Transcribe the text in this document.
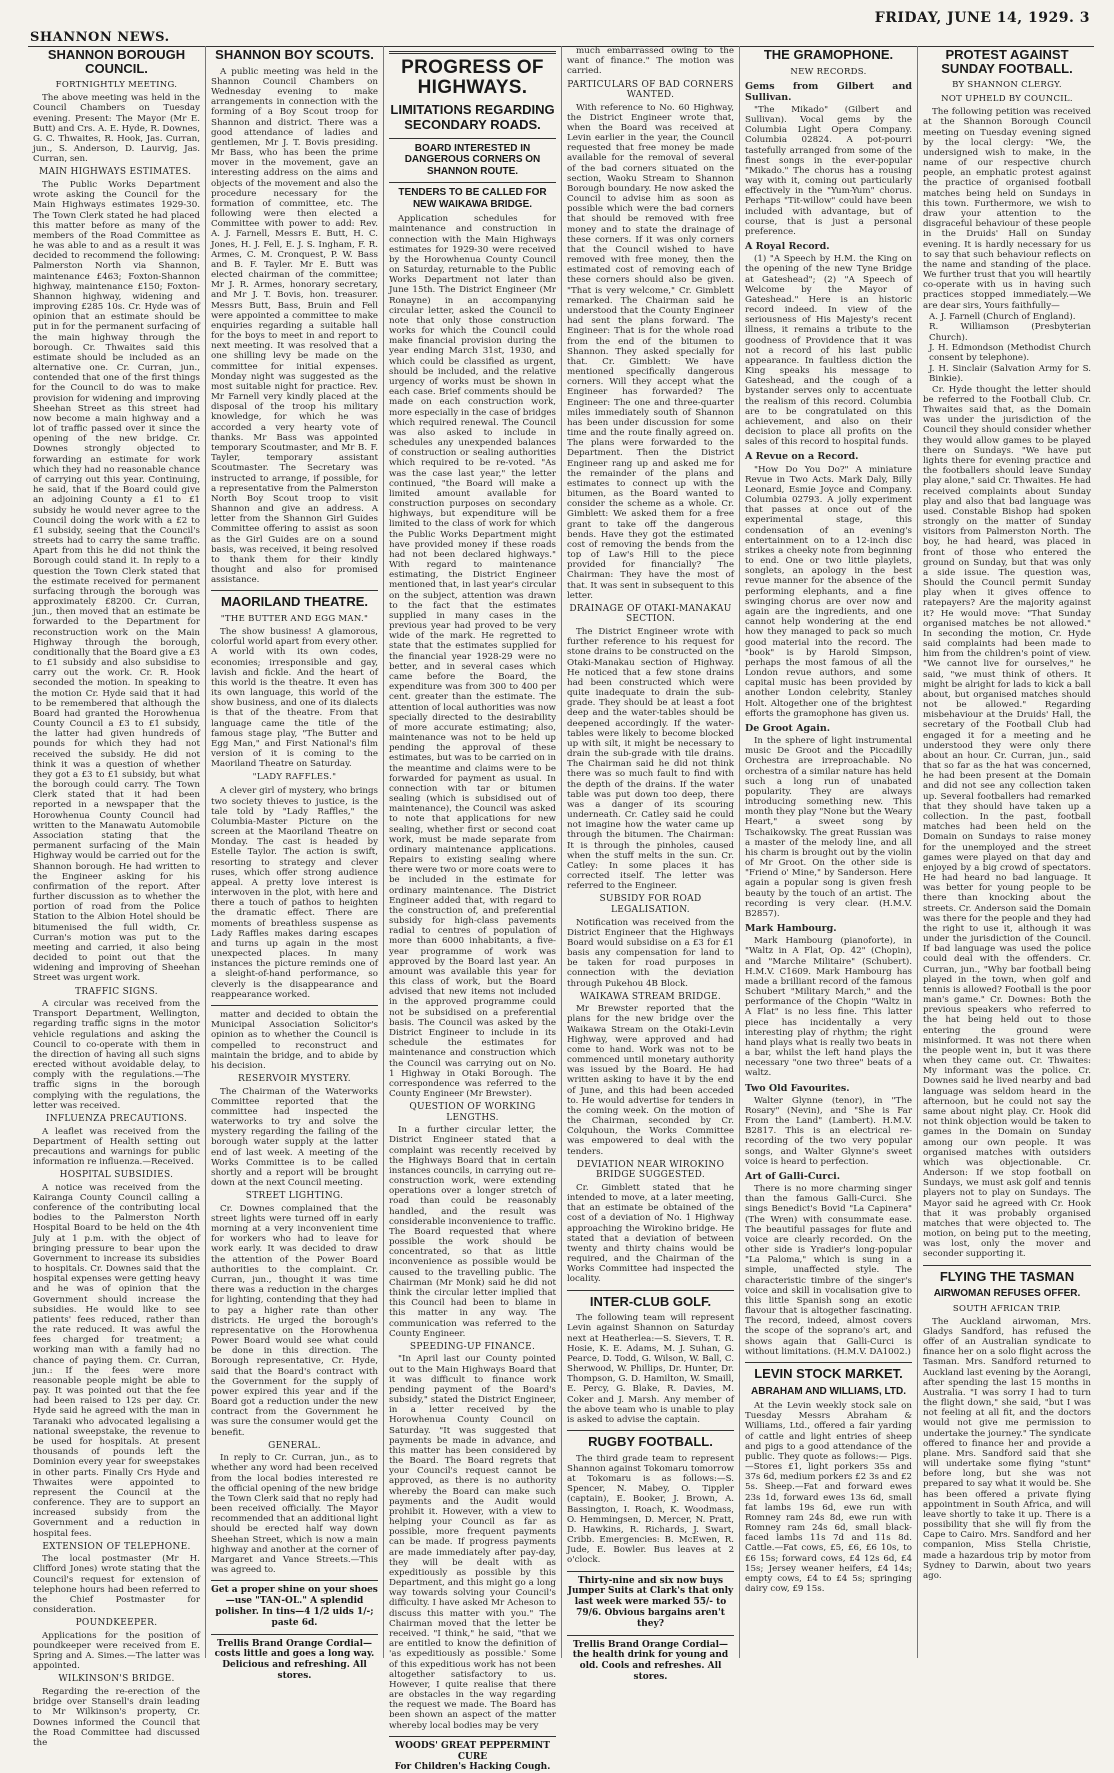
SHANNON NEWS.
FRIDAY, JUNE 14, 1929. 3
SHANNON BOROUGH COUNCIL.
FORTNIGHTLY MEETING.

The above meeting was held in the Council Chambers on Tuesday evening. Present: The Mayor (Mr E. Butt) and Crs. A. E. Hyde, R. Downes, G. C. Thwaites, R. Hook, Jas. Curran, jun., S. Anderson, D. Laurvig, Jas. Curran, sen.

MAIN HIGHWAYS ESTIMATES.

The Public Works Department wrote asking the Council for the Main Highways estimates 1929-30. The Town Clerk stated he had placed this matter before as many of the members of the Road Committee as he was able to and as a result it was decided to recommend the following: Palmerston North via Shannon, maintenance £463; Foxton-Shannon highway, maintenance £150; Foxton-Shannon highway, widening and improving £285 10s. Cr. Hyde was of opinion that an estimate should be put in for the permanent surfacing of the main highway through the borough. Cr. Thwaites said this estimate should be included as an alternative one. Cr. Curran, jun., contended that one of the first things for the Council to do was to make provision for widening and improving Sheehan Street as this street had now become a main highway and a lot of traffic passed over it since the opening of the new bridge. Cr. Downes strongly objected to forwarding an estimate for work which they had no reasonable chance of carrying out this year. Continuing, he said, that if the Board could give an adjoining County a £1 to £1 subsidy he would never agree to the Council doing the work with a £2 to £1 subsidy, seeing that the Council's streets had to carry the same traffic. Apart from this he did not think the Borough could stand it. In reply to a question the Town Clerk stated that the estimate received for permanent surfacing through the borough was approximately £8200. Cr. Curran, jun., then moved that an estimate be forwarded to the Department for reconstruction work on the Main Highway through the borough, conditionally that the Board give a £3 to £1 subsidy and also subsidise to carry out the work. Cr. R. Hook seconded the motion. In speaking to the motion Cr. Hyde said that it had to be remembered that although the Board had granted the Horowhenua County Council a £3 to £1 subsidy, the latter had given hundreds of pounds for which they had not received the subsidy. He did not think it was a question of whether they got a £3 to £1 subsidy, but what the borough could carry. The Town Clerk stated that it had been reported in a newspaper that the Horowhenua County Council had written to the Manawatu Automobile Association stating that the permanent surfacing of the Main Highway would be carried out for the Shannon borough. He had written to the Engineer asking for his confirmation of the report. After further discussion as to whether the portion of road from the Police Station to the Albion Hotel should be bitumenised the full width, Cr. Curran's motion was put to the meeting and carried, it also being decided to point out that the widening and improving of Sheehan Street was urgent work.

TRAFFIC SIGNS.

A circular was received from the Transport Department, Wellington, regarding traffic signs in the motor vehicle regulations and asking the Council to co-operate with them in the direction of having all such signs erected without avoidable delay, to comply with the regulations.—The traffic signs in the borough complying with the regulations, the letter was received.

INFLUENZA PRECAUTIONS.

A leaflet was received from the Department of Health setting out precautions and warnings for public information re influenza.—Received.

HOSPITAL SUBSIDIES.

A notice was received from the Kairanga County Council calling a conference of the contributing local bodies to the Palmerston North Hospital Board to be held on the 4th July at 1 p.m. with the object of bringing pressure to bear upon the Government to increase its subsidies to hospitals. Cr. Downes said that the hospital expenses were getting heavy and he was of opinion that the Government should increase the subsidies. He would like to see patients' fees reduced, rather than the rate reduced. It was awful the fees charged for treatment; a working man with a family had no chance of paying them. Cr. Curran, jun.: If the fees were more reasonable people might be able to pay. It was pointed out that the fee had been raised to 12s per day. Cr. Hyde said he agreed with the man in Taranaki who advocated legalising a national sweepstake, the revenue to be used for hospitals. At present thousands of pounds left the Dominion every year for sweepstakes in other parts. Finally Crs Hyde and Thwaites were appointed to represent the Council at the conference. They are to support an increased subsidy from the Government and a reduction in hospital fees.

EXTENSION OF TELEPHONE.

The local postmaster (Mr H. Clifford Jones) wrote stating that the Council's request for extension of telephone hours had been referred to the Chief Postmaster for consideration.

POUNDKEEPER.

Applications for the position of poundkeeper were received from E. Spring and A. Simes.—The latter was appointed.

WILKINSON'S BRIDGE.

Regarding the re-erection of the bridge over Stansell's drain leading to Mr Wilkinson's property, Cr. Downes informed the Council that the Road Committee had discussed the

SHANNON BOY SCOUTS.

A public meeting was held in the Shannon Council Chambers on Wednesday evening to make arrangements in connection with the forming of a Boy Scout troop for Shannon and district. There was a good attendance of ladies and gentlemen, Mr J. T. Bovis presiding. Mr Bass, who has been the prime mover in the movement, gave an interesting address on the aims and objects of the movement and also the procedure necessary for the formation of committee, etc. The following were then elected a Committee with power to add: Rev. A. J. Farnell, Messrs E. Butt, H. C. Jones, H. J. Fell, E. J. S. Ingham, F. R. Armes, C. M. Cronquest, P. W. Bass and B. F. Tayler. Mr E. Butt was elected chairman of the committee; Mr J. R. Armes, honorary secretary, and Mr J. T. Bovis, hon. treasurer. Messrs Butt, Bass, Bruin and Fell were appointed a committee to make enquiries regarding a suitable hall for the boys to meet in and report to next meeting. It was resolved that a one shilling levy be made on the committee for initial expenses. Monday night was suggested as the most suitable night for practice. Rev. Mr Farnell very kindly placed at the disposal of the troop his military knowledge, for which he was accorded a very hearty vote of thanks. Mr Bass was appointed temporary Scoutmaster, and Mr B. F. Tayler, temporary assistant Scoutmaster. The Secretary was instructed to arrange, if possible, for a representative from the Palmerston North Boy Scout troop to visit Shannon and give an address. A letter from the Shannon Girl Guides Committee offering to assist as soon as the Girl Guides are on a sound basis, was received, it being resolved to thank them for their kindly thought and also for promised assistance.

MAORILAND THEATRE.
"THE BUTTER AND EGG MAN."

The show business! A glamorous, colorful world apart from every other. A world with its own codes, economies; irresponsible and gay, lavish and fickle. And the heart of this world is the theatre. It even has its own language, this world of the show business, and one of its dialects is that of the theatre. From that language came the title of the famous stage play, "The Butter and Egg Man," and First National's film version of it is coming to the Maoriland Theatre on Saturday.

"LADY RAFFLES."

A clever girl of mystery, who brings two society thieves to justice, is the tale told by "Lady Raffles," the Columbia-Master Picture on the screen at the Maoriland Theatre on Monday. The cast is headed by Estelle Taylor. The action is swift, resorting to strategy and clever ruses, which offer strong audience appeal. A pretty love interest is interwoven in the plot, with here and there a touch of pathos to heighten the dramatic effect. There are moments of breathless suspense as Lady Raffles makes daring escapes and turns up again in the most unexpected places. In many instances the picture reminds one of a sleight-of-hand performance, so cleverly is the disappearance and reappearance worked.

matter and decided to obtain the Municipal Association Solicitor's opinion as to whether the Council is compelled to reconstruct and maintain the bridge, and to abide by his decision.

RESERVOIR MYSTERY.

The Chairman of the Waterworks Committee reported that the committee had inspected the waterworks to try and solve the mystery regarding the failing of the borough water supply at the latter end of last week. A meeting of the Works Committee is to be called shortly and a report will be brought down at the next Council meeting.

STREET LIGHTING.

Cr. Downes complained that the street lights were turned off in early morning at a very inconvenient time for workers who had to leave for work early. It was decided to draw the attention of the Power Board authorities to the complaint. Cr. Curran, jun., thought it was time there was a reduction in the charges for lighting, contending that they had to pay a higher rate than other districts. He urged the borough's representative on the Horowhenua Power Board would see what could be done in this direction. The Borough representative, Cr. Hyde, said that the Board's contract with the Government for the supply of power expired this year and if the Board got a reduction under the new contract from the Government he was sure the consumer would get the benefit.

GENERAL.

In reply to Cr. Curran, jun., as to whether any word had been received from the local bodies interested re the official opening of the new bridge the Town Clerk said that no reply had been received officially. The Mayor recommended that an additional light should be erected half way down Sheehan Street, which is now a main highway and another at the corner of Margaret and Vance Streets.—This was agreed to.

Get a proper shine on your shoes—use "TAN-OL." A splendid polisher. In tins—4 1/2 uids 1/-; paste 6d.
Trellis Brand Orange Cordial—costs little and goes a long way. Delicious and refreshing. All stores.
PROGRESS OF HIGHWAYS.
LIMITATIONS REGARDING SECONDARY ROADS.
BOARD INTERESTED IN DANGEROUS CORNERS ON SHANNON ROUTE.
TENDERS TO BE CALLED FOR NEW WAIKAWA BRIDGE.

Application schedules for maintenance and construction in connection with the Main Highways estimates for 1929-30 were received by the Horowhenua County Council on Saturday, returnable to the Public Works Department not later than June 15th. The District Engineer (Mr Ronayne) in an accompanying circular letter, asked the Council to note that only those construction works for which the Council could make financial provision during the year ending March 31st, 1930, and which could be classified as urgent, should be included, and the relative urgency of works must be shown in each case. Brief comments should be made on each construction work, more especially in the case of bridges which required renewal. The Council was also asked to include in schedules any unexpended balances of construction or sealing authorities which required to be re-voted. "As was the case last year," the letter continued, "the Board will make a limited amount available for construction purposes on secondary highways, but expenditure will be limited to the class of work for which the Public Works Department might have provided money if these roads had not been declared highways." With regard to maintenance estimating, the District Engineer mentioned that, in last year's circular on the subject, attention was drawn to the fact that the estimates supplied in many cases in the previous year had proved to be very wide of the mark. He regretted to state that the estimates supplied for the financial year 1928-29 were no better, and in several cases which came before the Board, the expenditure was from 300 to 400 per cent. greater than the estimate. The attention of local authorities was now specially directed to the desirability of more accurate estimating; also, maintenance was not to be held up pending the approval of these estimates, but was to be carried on in the meantime and claims were to be forwarded for payment as usual. In connection with tar or bitumen sealing (which is subsidised out of maintenance), the Council was asked to note that applications for new sealing, whether first or second coat work, must be made separate from ordinary maintenance applications. Repairs to existing sealing where there were two or more coats were to be included in the estimate for ordinary maintenance. The District Engineer added that, with regard to the construction of, and preferential subsidy for high-class pavements radial to centres of population of more than 6000 inhabitants, a five-year programme of work was approved by the Board last year. An amount was available this year for this class of work, but the Board advised that new items not included in the approved programme could not be subsidised on a preferential basis. The Council was asked by the District Engineer to include in its schedule the estimates for maintenance and construction which the Council was carrying out on No. 1 Highway in Otaki Borough. The correspondence was referred to the County Engineer (Mr Brewster).

QUESTION OF WORKING LENGTHS.

In a further circular letter, the District Engineer stated that a complaint was recently received by the Highways Board that in certain instances councils, in carrying out re-construction work, were extending operations over a longer stretch of road than could be reasonably handled, and the result was considerable inconvenience to traffic. The Board requested that where possible the work should be concentrated, so that as little inconvenience as possible would be caused to the travelling public. The Chairman (Mr Monk) said he did not think the circular letter implied that this Council had been to blame in this matter in any way. The communication was referred to the County Engineer.

SPEEDING-UP FINANCE.

"In April last our County pointed out to the Main Highways Board that it was difficult to finance work pending payment of the Board's subsidy," stated the District Engineer, in a letter received by the Horowhenua County Council on Saturday. "It was suggested that payments be made in advance, and this matter has been considered by the Board. The Board regrets that your Council's request cannot be approved, as there is no authority whereby the Board can make such payments and the Audit would prohibit it. However, with a view to helping your Council as far as possible, more frequent payments can be made. If progress payments are made immediately after pay-day, they will be dealt with as expeditiously as possible by this Department, and this might go a long way towards solving your Council's difficulty. I have asked Mr Acheson to discuss this matter with you." The Chairman moved that the letter be received. "I think," he said, "that we are entitled to know the definition of 'as expeditiously as possible.' Some of this expeditious work has not been altogether satisfactory to us. However, I quite realise that there are obstacles in the way regarding the request we made. The Board has been shown an aspect of the matter whereby local bodies may be very

WOODS' GREAT PEPPERMINT CURE
For Children's Hacking Cough.

much embarrassed owing to the want of finance." The motion was carried.

PARTICULARS OF BAD CORNERS WANTED.

With reference to No. 60 Highway, the District Engineer wrote that, when the Board was received at Levin earlier in the year, the Council requested that free money be made available for the removal of several of the bad corners situated on the section, Waoku Stream to Shannon Borough boundary. He now asked the Council to advise him as soon as possible which were the bad corners that should be removed with free money and to state the drainage of these corners. If it was only corners that the Council wished to have removed with free money, then the estimated cost of removing each of these corners should also be given. "That is very welcome," Cr. Gimblett remarked. The Chairman said he understood that the County Engineer had sent the plans forward. The Engineer: That is for the whole road from the end of the bitumen to Shannon. They asked specially for that. Cr. Gimblett: We have mentioned specifically dangerous corners. Will they accept what the Engineer has forwarded? The Engineer: The one and three-quarter miles immediately south of Shannon has been under discussion for some time and the route finally agreed on. The plans were forwarded to the Department. Then the District Engineer rang up and asked me for the remainder of the plans and estimates to connect up with the bitumen, as the Board wanted to consider the scheme as a whole. Cr. Gimblett: We asked them for a free grant to take off the dangerous bends. Have they got the estimated cost of removing the bends from the top of Law's Hill to the piece provided for financially? The Chairman: They have the most of that. It was sent in subsequent to this letter.

DRAINAGE OF OTAKI-MANAKAU SECTION.

The District Engineer wrote with further reference to his request for stone drains to be constructed on the Otaki-Manakau section of Highway. He noticed that a few stone drains had been constructed which were quite inadequate to drain the sub-grade. They should be at least a foot deep and the water-tables should be deepened accordingly. If the water-tables were likely to become blocked up with silt, it might be necessary to drain the sub-grade with tile drains. The Chairman said he did not think there was so much fault to find with the depth of the drains. If the water table was put down too deep, there was a danger of its scouring underneath. Cr. Catley said he could not imagine how the water came up through the bitumen. The Chairman: It is through the pinholes, caused when the stuff melts in the sun. Cr. Catley: In some places it has corrected itself. The letter was referred to the Engineer.

SUBSIDY FOR ROAD LEGALISATION.

Notification was received from the District Engineer that the Highways Board would subsidise on a £3 for £1 basis any compensation for land to be taken for road purposes in connection with the deviation through Pukehou 4B Block.

WAIKAWA STREAM BRIDGE.

Mr Brewster reported that the plans for the new bridge over the Waikawa Stream on the Otaki-Levin Highway, were approved and had come to hand. Work was not to be commenced until monetary authority was issued by the Board. He had written asking to have it by the end of June, and this had been acceded to. He would advertise for tenders in the coming week. On the motion of the Chairman, seconded by Cr. Colquhoun, the Works Committee was empowered to deal with the tenders.

DEVIATION NEAR WIROKINO BRIDGE SUGGESTED.

Cr. Gimblett stated that he intended to move, at a later meeting, that an estimate be obtained of the cost of a deviation of No. 1 Highway approaching the Wirokino bridge. He stated that a deviation of between twenty and thirty chains would be required, and the Chairman of the Works Committee had inspected the locality.

INTER-CLUB GOLF.

The following team will represent Levin against Shannon on Saturday next at Heatherlea:—S. Sievers, T. R. Hosie, K. E. Adams, M. J. Suhan, G. Pearce, D. Todd, G. Wilson, W. Ball, C. Sherwood, W. Phillips, Dr. Hunter, Dr. Thompson, G. D. Hamilton, W. Smaill, E. Percy, G. Blake, R. Davies, M. Coker and J. Marsh. Any member of the above team who is unable to play is asked to advise the captain.

RUGBY FOOTBALL.

The third grade team to represent Shannon against Tokomaru tomorrow at Tokomaru is as follows:—S. Spencer, N. Mabey, O. Tippler (captain), E. Booker, J. Brown, A. Bassington, I. Roach, K. Woodmass, O. Hemmingsen, D. Mercer, N. Pratt, D. Hawkins, R. Richards, J. Swart, Cribb. Emergencies: B. McEwen, R. Jude, E. Bowler. Bus leaves at 2 o'clock.

Thirty-nine and six now buys Jumper Suits at Clark's that only last week were marked 55/- to 79/6. Obvious bargains aren't they?
Trellis Brand Orange Cordial—the health drink for young and old. Cools and refreshes. All stores.
THE GRAMOPHONE.
NEW RECORDS.
Gems from Gilbert and Sullivan.

"The Mikado" (Gilbert and Sullivan). Vocal gems by the Columbia Light Opera Company. Columbia 02824. A pot-pourri tastefully arranged from some of the finest songs in the ever-popular "Mikado." The chorus has a rousing way with it, coming out particularly effectively in the "Yum-Yum" chorus. Perhaps "Tit-willow" could have been included with advantage, but of course, that is just a personal preference.

A Royal Record.

(1) "A Speech by H.M. the King on the opening of the new Tyne Bridge at Gateshead"; (2) "A Speech of Welcome by the Mayor of Gateshead." Here is an historic record indeed. In view of the seriousness of His Majesty's recent illness, it remains a tribute to the goodness of Providence that it was not a record of his last public appearance. In faultless diction the King speaks his message to Gateshead, and the cough of a bystander serves only to accentuate the realism of this record. Columbia are to be congratulated on this achievement, and also on their decision to place all profits on the sales of this record to hospital funds.

A Revue on a Record.

"How Do You Do?" A miniature Revue in Two Acts. Mark Daly, Billy Leonard, Esmie Joyce and Company. Columbia 02793. A jolly experiment that passes at once out of the experimental stage, this condensation of an evening's entertainment on to a 12-inch disc strikes a cheeky note from beginning to end. One or two little playlets, songlets, an apology in the best revue manner for the absence of the performing elephants, and a fine swinging chorus are over now and again are the ingredients, and one cannot help wondering at the end how they managed to pack so much good material into the record. The "book" is by Harold Simpson, perhaps the most famous of all the London revue authors, and some capital music has been provided by another London celebrity, Stanley Holt. Altogether one of the brightest efforts the gramophone has given us.

De Groot Again.

In the sphere of light instrumental music De Groot and the Piccadilly Orchestra are irreproachable. No orchestra of a similar nature has held such a long run of unabated popularity. They are always introducing something new. This month they play "None but the Weary Heart," a sweet song by Tschaikowsky. The great Russian was a master of the melody line, and all his charm is brought out by the violin of Mr Groot. On the other side is "Friend o' Mine," by Sanderson. Here again a popular song is given fresh beauty by the touch of an artist. The recording is very clear. (H.M.V. B2857).

Mark Hambourg.

Mark Hambourg (pianoforte), in "Waltz in A Flat, Op. 42" (Chopin), and "Marche Militaire" (Schubert). H.M.V. C1609. Mark Hambourg has made a brilliant record of the famous Schubert "Military March," and the performance of the Chopin "Waltz in A Flat" is no less fine. This latter piece has incidentally a very interesting play of rhythm; the right hand plays what is really two beats in a bar, whilst the left hand plays the necessary "one two three" beats of a waltz.

Two Old Favourites.

Walter Glynne (tenor), in "The Rosary" (Nevin), and "She is Far From the Land" (Lambert). H.M.V. B2817. This is an electrical re-recording of the two very popular songs, and Walter Glynne's sweet voice is heard to perfection.

Art of Galli-Curci.

There is no more charming singer than the famous Galli-Curci. She sings Benedict's Bovid "La Capinera" (The Wren) with consummate ease. The beautiful passages for flute and voice are clearly recorded. On the other side is Yradier's long-popular "La Paloma," which is sung in a simple, unaffected style. The characteristic timbre of the singer's voice and skill in vocalisation give to this little Spanish song an exotic flavour that is altogether fascinating. The record, indeed, almost covers the scope of the soprano's art, and shows again that Galli-Curci is without limitations. (H.M.V. DA1002.)

LEVIN STOCK MARKET.
ABRAHAM AND WILLIAMS, LTD.

At the Levin weekly stock sale on Tuesday Messrs Abraham & Williams, Ltd., offered a fair yarding of cattle and light entries of sheep and pigs to a good attendance of the public. They quote as follows:— Pigs.—Stores £1, light porkers 35s and 37s 6d, medium porkers £2 3s and £2 5s. Sheep.—Fat and forward ewes 23s 1d, forward ewes 13s 6d, small fat lambs 19s 6d, ewe run with Romney ram 24s 8d, ewe run with Romney ram 24s 6d, small black-faced lambs 11s 7d and 11s 8d. Cattle.—Fat cows, £5, £6, £6 10s, to £6 15s; forward cows, £4 12s 6d, £4 15s; Jersey weaner heifers, £4 14s; empty cows, £4 to £4 5s; springing dairy cow, £9 15s.

PROTEST AGAINST SUNDAY FOOTBALL.
BY SHANNON CLERGY.
NOT UPHELD BY COUNCIL.

The following petition was received at the Shannon Borough Council meeting on Tuesday evening signed by the local clergy: "We, the undersigned wish to make, in the name of our respective church people, an emphatic protest against the practice of organised football matches being held on Sundays in this town. Furthermore, we wish to draw your attention to the disgraceful behaviour of these people in the Druids' Hall on Sunday evening. It is hardly necessary for us to say that such behaviour reflects on the name and standing of the place. We further trust that you will heartily co-operate with us in having such practices stopped immediately.—We are dear sirs, Yours faithfully—

A. J. Farnell (Church of England).
R. Williamson (Presbyterian Church).
J. H. Edmondson (Methodist Church consent by telephone).
J. H. Sinclair (Salvation Army for S. Binkie).

Cr. Hyde thought the letter should be referred to the Football Club. Cr. Thwaites said that, as the Domain was under the jurisdiction of the Council they should consider whether they would allow games to be played there on Sundays. "We have put lights there for evening practice and the footballers should leave Sunday play alone," said Cr. Thwaites. He had received complaints about Sunday play and also that bad language was used. Constable Bishop had spoken strongly on the matter of Sunday visitors from Palmerston North. The boy, he had heard, was placed in front of those who entered the ground on Sunday, but that was only a side issue. The question was, Should the Council permit Sunday play when it gives offence to ratepayers? Are the majority against it? He would move: "That Sunday organised matches be not allowed." In seconding the motion, Cr. Hyde said complaints had been made to him from the children's point of view. "We cannot live for ourselves," he said, "we must think of others. It might be alright for lads to kick a ball about, but organised matches should not be allowed." Regarding misbehaviour at the Druids' Hall, the secretary of the Football Club had engaged it for a meeting and he understood they were only there about an hour. Cr. Curran, jun., said that so far as the hat was concerned, he had been present at the Domain and did not see any collection taken up. Several footballers had remarked that they should have taken up a collection. In the past, football matches had been held on the Domain on Sundays to raise money for the unemployed and the street games were played on that day and enjoyed by a big crowd of spectators. He had heard no bad language. It was better for young people to be there than knocking about the streets. Cr. Anderson said the Domain was there for the people and they had the right to use it, although it was under the jurisdiction of the Council. If bad language was used the police could deal with the offenders. Cr. Curran, jun., "Why bar football being played in the town, when golf and tennis is allowed? Football is the poor man's game." Cr. Downes: Both the previous speakers who referred to the hat being held out to those entering the ground were misinformed. It was not there when the people went in, but it was there when they came out. Cr. Thwaites: My informant was the police. Cr. Downes said he lived nearby and bad language was seldom heard in the afternoon, but he could not say the same about night play. Cr. Hook did not think objection would be taken to games in the Domain on Sunday among our own people. It was organised matches with outsiders which was objectionable. Cr. Anderson: If we stop football on Sundays, we must ask golf and tennis players not to play on Sundays. The Mayor said he agreed with Cr. Hook that it was probably organised matches that were objected to. The motion, on being put to the meeting, was lost, only the mover and seconder supporting it.

FLYING THE TASMAN
AIRWOMAN REFUSES OFFER.
SOUTH AFRICAN TRIP.

The Auckland airwoman, Mrs. Gladys Sandford, has refused the offer of an Australian syndicate to finance her on a solo flight across the Tasman. Mrs. Sandford returned to Auckland last evening by the Aorangi, after spending the last 15 months in Australia. "I was sorry I had to turn the flight down," she said, "but I was not feeling at all fit, and the doctors would not give me permission to undertake the journey." The syndicate offered to finance her and provide a plane. Mrs. Sandford said that she will undertake some flying "stunt" before long, but she was not prepared to say what it would be. She has been offered a private flying appointment in South Africa, and will leave shortly to take it up. There is a possibility that she will fly from the Cape to Cairo. Mrs. Sandford and her companion, Miss Stella Christie, made a hazardous trip by motor from Sydney to Darwin, about two years ago.
